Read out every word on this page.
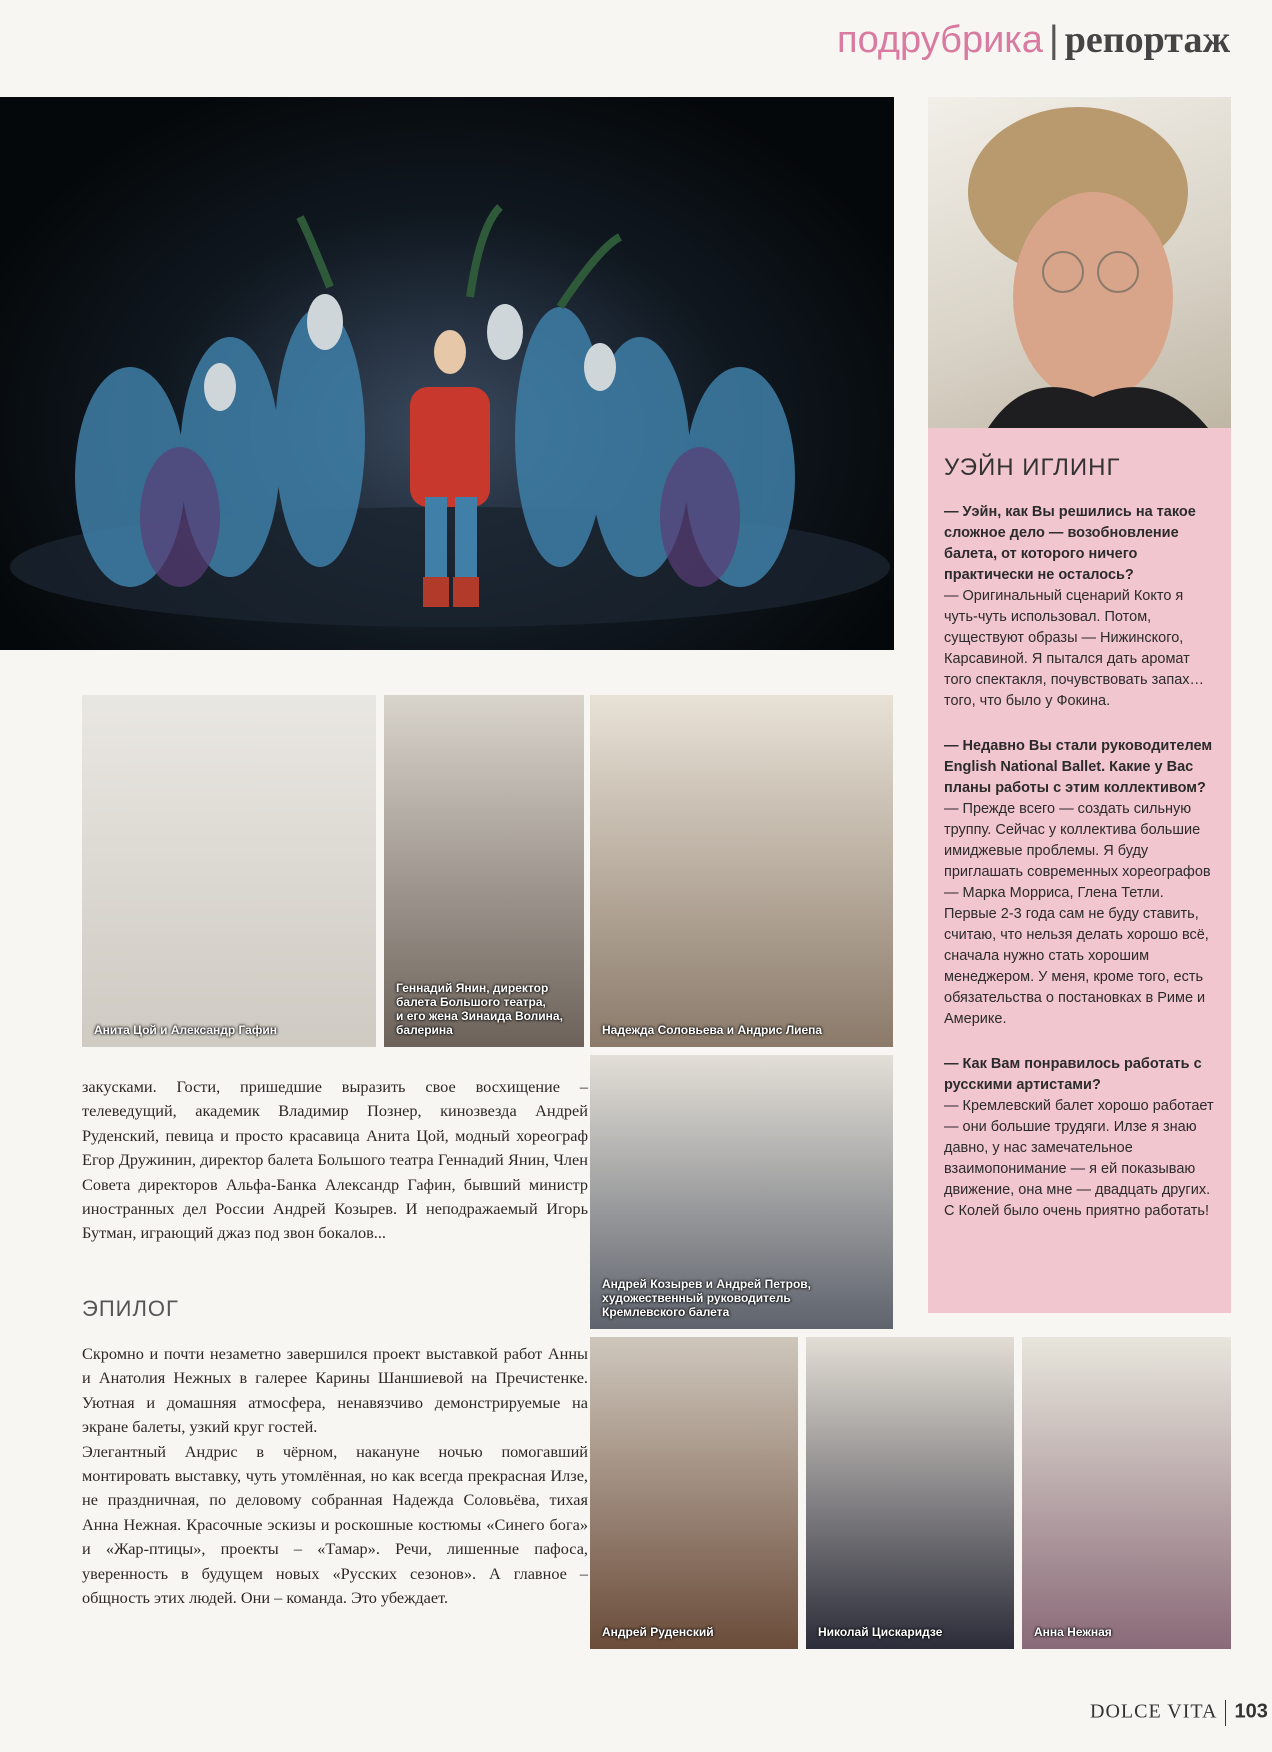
подрубрика | репортаж
УЭЙН ИГЛИНГ

— Уэйн, как Вы решились на такое сложное дело — возобновление балета, от которого ничего практически не осталось?

— Оригинальный сценарий Кокто я чуть-чуть использовал. Потом, существуют образы — Нижинского, Карсавиной. Я пытался дать аромат того спектакля, почувствовать запах… того, что было у Фокина.

— Недавно Вы стали руководителем English National Ballet. Какие у Вас планы работы с этим коллективом?

— Прежде всего — создать сильную труппу. Сейчас у коллектива большие имиджевые проблемы. Я буду приглашать современных хореографов — Марка Морриса, Глена Тетли. Первые 2-3 года сам не буду ставить, считаю, что нельзя делать хорошо всё, сначала нужно стать хорошим менеджером. У меня, кроме того, есть обязательства о постановках в Риме и Америке.

— Как Вам понравилось работать с русскими артистами?

— Кремлевский балет хорошо работает — они большие трудяги. Илзе я знаю давно, у нас замечательное взаимопонимание — я ей показываю движение, она мне — двадцать других. С Колей было очень приятно работать!

Анита Цой и Александр Гафин
Геннадий Янин, директор
балета Большого театра,
и его жена Зинаида Волина,
балерина	Надежда Соловьева и Андрис Лиепа
Андрей Козырев и Андрей Петров,
художественный руководитель
Кремлевского балета
Андрей Руденский	Николай Цискаридзе	Анна Нежная

закусками. Гости, пришедшие выразить свое восхищение – телеведущий, академик Владимир Познер, кинозвезда Андрей Руденский, певица и просто красавица Анита Цой, модный хореограф Егор Дружинин, директор балета Большого театра Геннадий Янин, Член Совета директоров Альфа-Банка Александр Гафин, бывший министр иностранных дел России Андрей Козырев. И неподражаемый Игорь Бутман, играющий джаз под звон бокалов...

ЭПИЛОГ

Скромно и почти незаметно завершился проект выставкой работ Анны и Анатолия Нежных в галерее Карины Шаншиевой на Пречистенке. Уютная и домашняя атмосфера, ненавязчиво демонстрируемые на экране балеты, узкий круг гостей.

Элегантный Андрис в чёрном, накануне ночью помогавший монтировать выставку, чуть утомлённая, но как всегда прекрасная Илзе, не праздничная, по деловому собранная Надежда Соловьёва, тихая Анна Нежная. Красочные эскизы и роскошные костюмы «Синего бога» и «Жар-птицы», проекты – «Тамар». Речи, лишенные пафоса, уверенность в будущем новых «Русских сезонов». А главное – общность этих людей. Они – команда. Это убеждает.

DOLCE VITA 103
